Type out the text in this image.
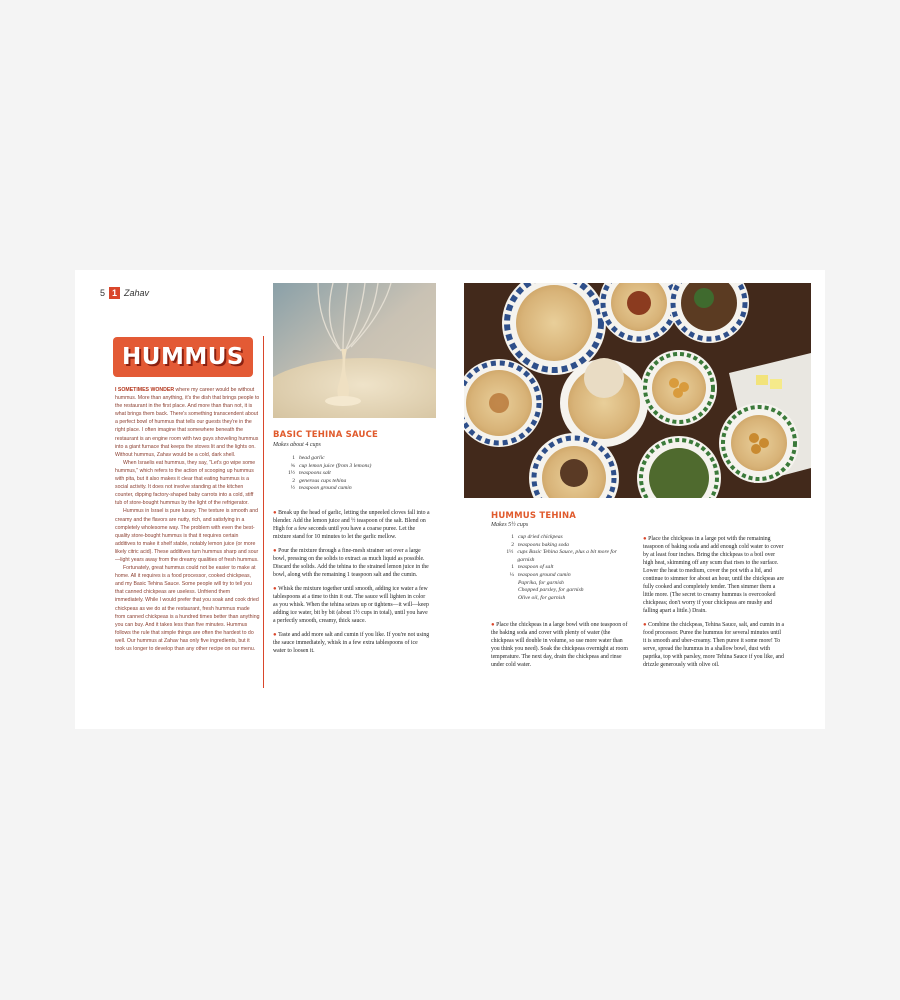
5 1 Zahav
HUMMUS

I SOMETIMES WONDER where my career would be without hummus. More than anything, it's the dish that brings people to the restaurant in the first place. And more than than not, it is what brings them back. There's something transcendent about a perfect bowl of hummus that tells our guests they're in the right place. I often imagine that somewhere beneath the restaurant is an engine room with two guys shoveling hummus into a giant furnace that keeps the stoves lit and the lights on. Without hummus, Zahav would be a cold, dark shell.

When Israelis eat hummus, they say, "Let's go wipe some hummus," which refers to the action of scooping up hummus with pita, but it also makes it clear that eating hummus is a social activity. It does not involve standing at the kitchen counter, dipping factory-shaped baby carrots into a cold, stiff tub of store-bought hummus by the light of the refrigerator.

Hummus in Israel is pure luxury. The texture is smooth and creamy and the flavors are nutty, rich, and satisfying in a completely wholesome way. The problem with even the best-quality store-bought hummus is that it requires certain additives to make it shelf stable, notably lemon juice (or more likely citric acid). These additives turn hummus sharp and sour—light years away from the dreamy qualities of fresh hummus.

Fortunately, great hummus could not be easier to make at home. All it requires is a food processor, cooked chickpeas, and my Basic Tehina Sauce. Some people will try to tell you that canned chickpeas are useless. Unfriend them immediately. While I would prefer that you soak and cook dried chickpeas as we do at the restaurant, fresh hummus made from canned chickpeas is a hundred times better than anything you can buy. And it takes less than five minutes. Hummus follows the rule that simple things are often the hardest to do well. Our hummus at Zahav has only five ingredients, but it took us longer to develop than any other recipe on our menu.

BASIC TEHINA SAUCE
Makes about 4 cups
1 head garlic
¾ cup lemon juice (from 3 lemons)
1½ teaspoons salt
2 generous cups tehina
½ teaspoon ground cumin

● Break up the head of garlic, letting the unpeeled cloves fall into a blender. Add the lemon juice and ½ teaspoon of the salt. Blend on High for a few seconds until you have a coarse puree. Let the mixture stand for 10 minutes to let the garlic mellow.

● Pour the mixture through a fine-mesh strainer set over a large bowl, pressing on the solids to extract as much liquid as possible. Discard the solids. Add the tehina to the strained lemon juice in the bowl, along with the remaining 1 teaspoon salt and the cumin.

● Whisk the mixture together until smooth, adding ice water a few tablespoons at a time to thin it out. The sauce will lighten in color as you whisk. When the tehina seizes up or tightens—it will—keep adding ice water, bit by bit (about 1½ cups in total), until you have a perfectly smooth, creamy, thick sauce.

● Taste and add more salt and cumin if you like. If you're not using the sauce immediately, whisk in a few extra tablespoons of ice water to loosen it.

HUMMUS TEHINA
Makes 5½ cups
1 cup dried chickpeas
2 teaspoons baking soda
1½ cups Basic Tehina Sauce, plus a bit more for garnish
1 teaspoon of salt
¼ teaspoon ground cumin
Paprika, for garnish
Chopped parsley, for garnish
Olive oil, for garnish

● Place the chickpeas in a large bowl with one teaspoon of the baking soda and cover with plenty of water (the chickpeas will double in volume, so use more water than you think you need). Soak the chickpeas overnight at room temperature. The next day, drain the chickpeas and rinse under cold water.

● Place the chickpeas in a large pot with the remaining teaspoon of baking soda and add enough cold water to cover by at least four inches. Bring the chickpeas to a boil over high heat, skimming off any scum that rises to the surface. Lower the heat to medium, cover the pot with a lid, and continue to simmer for about an hour, until the chickpeas are fully cooked and completely tender. Then simmer them a little more. (The secret to creamy hummus is overcooked chickpeas; don't worry if your chickpeas are mushy and falling apart a little.) Drain.

● Combine the chickpeas, Tehina Sauce, salt, and cumin in a food processor. Puree the hummus for several minutes until it is smooth and uber-creamy. Then puree it some more! To serve, spread the hummus in a shallow bowl, dust with paprika, top with parsley, more Tehina Sauce if you like, and drizzle generously with olive oil.
